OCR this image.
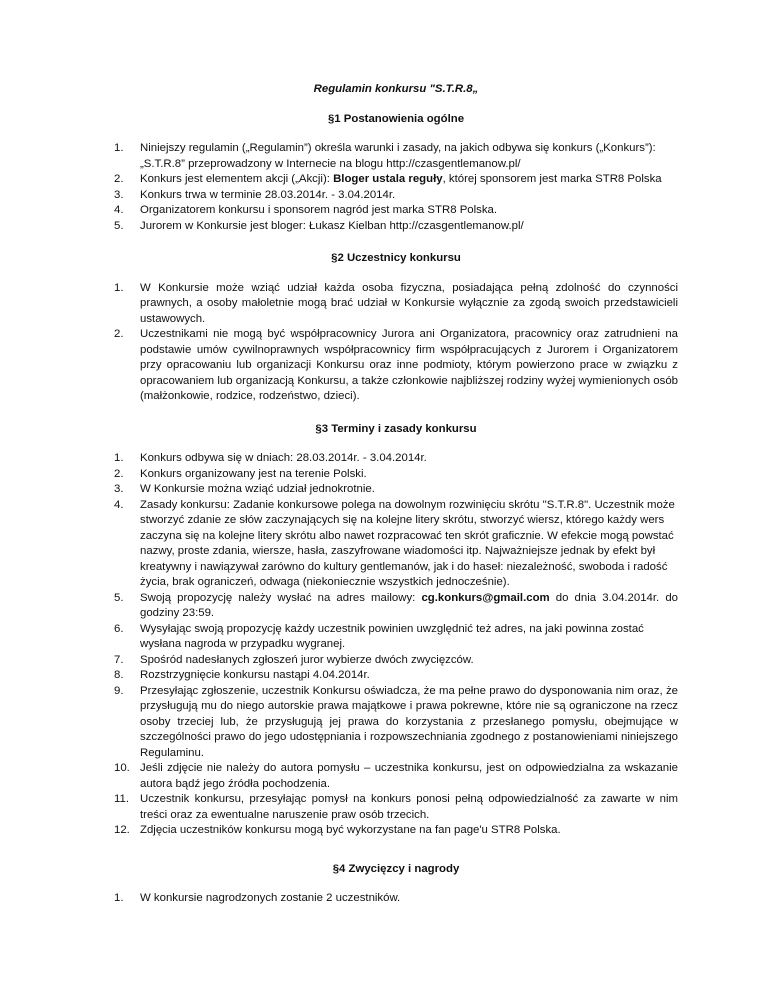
Regulamin konkursu "S.T.R.8„

§1 Postanowienia ogólne

1. Niniejszy regulamin („Regulamin”) określa warunki i zasady, na jakich odbywa się konkurs („Konkurs”): „S.T.R.8” przeprowadzony w Internecie na blogu http://czasgentlemanow.pl/
2. Konkurs jest elementem akcji („Akcji): Bloger ustala reguły, której sponsorem jest marka STR8 Polska
3. Konkurs trwa w terminie 28.03.2014r. - 3.04.2014r.
4. Organizatorem konkursu i sponsorem nagród jest marka STR8 Polska.
5. Jurorem w Konkursie jest bloger: Łukasz Kielban http://czasgentlemanow.pl/

§2 Uczestnicy konkursu

1. W Konkursie może wziąć udział każda osoba fizyczna, posiadająca pełną zdolność do czynności prawnych, a osoby małoletnie mogą brać udział w Konkursie wyłącznie za zgodą swoich przedstawicieli ustawowych.
2. Uczestnikami nie mogą być współpracownicy Jurora ani Organizatora, pracownicy oraz zatrudnieni na podstawie umów cywilnoprawnych współpracownicy firm współpracujących z Jurorem i Organizatorem przy opracowaniu lub organizacji Konkursu oraz inne podmioty, którym powierzono prace w związku z opracowaniem lub organizacją Konkursu, a także członkowie najbliższej rodziny wyżej wymienionych osób (małżonkowie, rodzice, rodzeństwo, dzieci).

§3 Terminy i zasady konkursu

1. Konkurs odbywa się w dniach: 28.03.2014r. - 3.04.2014r.
2. Konkurs organizowany jest na terenie Polski.
3. W Konkursie można wziąć udział jednokrotnie.
4. Zasady konkursu: Zadanie konkursowe polega na dowolnym rozwinięciu skrótu "S.T.R.8". Uczestnik może stworzyć zdanie ze słów zaczynających się na kolejne litery skrótu, stworzyć wiersz, którego każdy wers zaczyna się na kolejne litery skrótu albo nawet rozpracować ten skrót graficznie. W efekcie mogą powstać nazwy, proste zdania, wiersze, hasła, zaszyfrowane wiadomości itp. Najważniejsze jednak by efekt był kreatywny i nawiązywał zarówno do kultury gentlemanów, jak i do haseł: niezależność, swoboda i radość życia, brak ograniczeń, odwaga (niekoniecznie wszystkich jednocześnie).
5. Swoją propozycję należy wysłać na adres mailowy: cg.konkurs@gmail.com do dnia 3.04.2014r. do godziny 23:59.
6. Wysyłając swoją propozycję każdy uczestnik powinien uwzględnić też adres, na jaki powinna zostać wysłana nagroda w przypadku wygranej.
7. Spośród nadesłanych zgłoszeń juror wybierze dwóch zwycięzców.
8. Rozstrzygnięcie konkursu nastąpi 4.04.2014r.
9. Przesyłając zgłoszenie, uczestnik Konkursu oświadcza, że ma pełne prawo do dysponowania nim oraz, że przysługują mu do niego autorskie prawa majątkowe i prawa pokrewne, które nie są ograniczone na rzecz osoby trzeciej lub, że przysługują jej prawa do korzystania z przesłanego pomysłu, obejmujące w szczególności prawo do jego udostępniania i rozpowszechniania zgodnego z postanowieniami niniejszego Regulaminu.
10. Jeśli zdjęcie nie należy do autora pomysłu – uczestnika konkursu, jest on odpowiedzialna za wskazanie autora bądź jego źródła pochodzenia.
11. Uczestnik konkursu, przesyłając pomysł na konkurs ponosi pełną odpowiedzialność za zawarte w nim treści oraz za ewentualne naruszenie praw osób trzecich.
12. Zdjęcia uczestników konkursu mogą być wykorzystane na fan page'u STR8 Polska.

§4 Zwycięzcy i nagrody

1. W konkursie nagrodzonych zostanie 2 uczestników.
